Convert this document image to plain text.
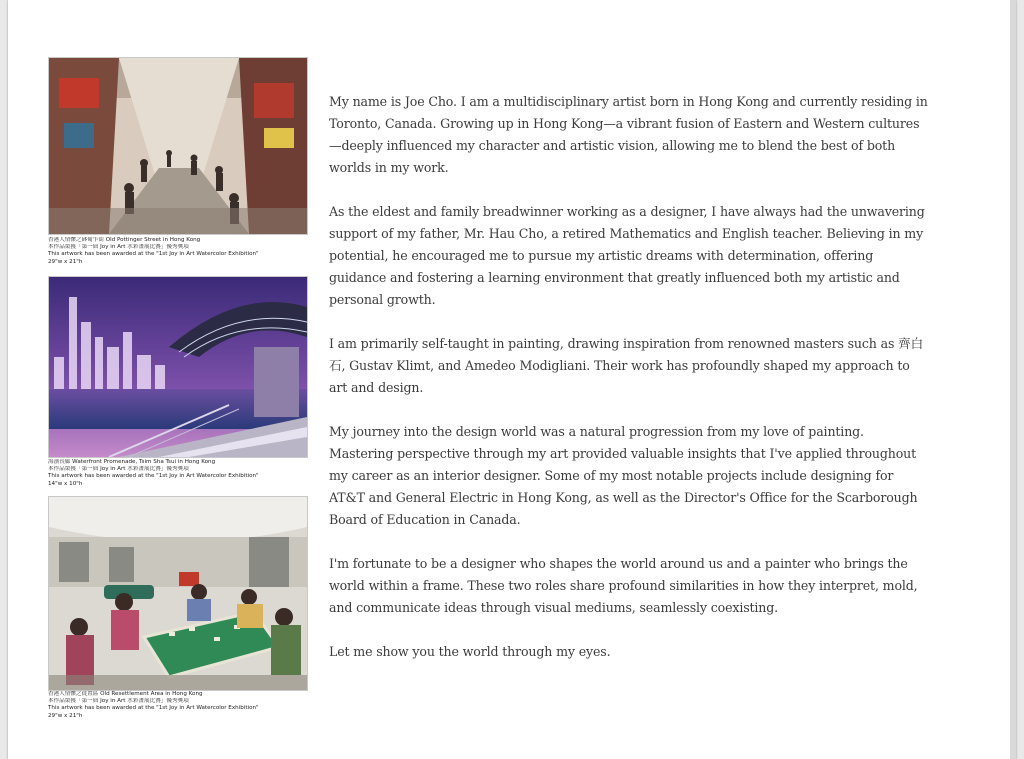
香港人情懷之砵甸乍街 Old Pottinger Street in Hong Kong
本作品榮獲「第一屆 Joy in Art 水彩畫展比賽」優秀獎項
This artwork has been awarded at the "1st Joy in Art Watercolor Exhibition"
29"w x 21"h
海濱長廊 Waterfront Promenade, Tsim Sha Tsui in Hong Kong
本作品榮獲「第一屆 Joy in Art 水彩畫展比賽」優秀獎項
This artwork has been awarded at the "1st Joy in Art Watercolor Exhibition"
14"w x 10"h
香港人情懷之徙置區 Old Resettlement Area in Hong Kong
本作品榮獲「第一屆 Joy in Art 水彩畫展比賽」優秀獎項
This artwork has been awarded at the "1st Joy in Art Watercolor Exhibition"
29"w x 21"h

My name is Joe Cho. I am a multidisciplinary artist born in Hong Kong and currently residing in Toronto, Canada. Growing up in Hong Kong—a vibrant fusion of Eastern and Western cultures—deeply influenced my character and artistic vision, allowing me to blend the best of both worlds in my work.

As the eldest and family breadwinner working as a designer, I have always had the unwavering support of my father, Mr. Hau Cho, a retired Mathematics and English teacher. Believing in my potential, he encouraged me to pursue my artistic dreams with determination, offering guidance and fostering a learning environment that greatly influenced both my artistic and personal growth.

I am primarily self-taught in painting, drawing inspiration from renowned masters such as 齊白石, Gustav Klimt, and Amedeo Modigliani. Their work has profoundly shaped my approach to art and design.

My journey into the design world was a natural progression from my love of painting. Mastering perspective through my art provided valuable insights that I've applied throughout my career as an interior designer. Some of my most notable projects include designing for AT&T and General Electric in Hong Kong, as well as the Director's Office for the Scarborough Board of Education in Canada.

I'm fortunate to be a designer who shapes the world around us and a painter who brings the world within a frame. These two roles share profound similarities in how they interpret, mold, and communicate ideas through visual mediums, seamlessly coexisting.

Let me show you the world through my eyes.
